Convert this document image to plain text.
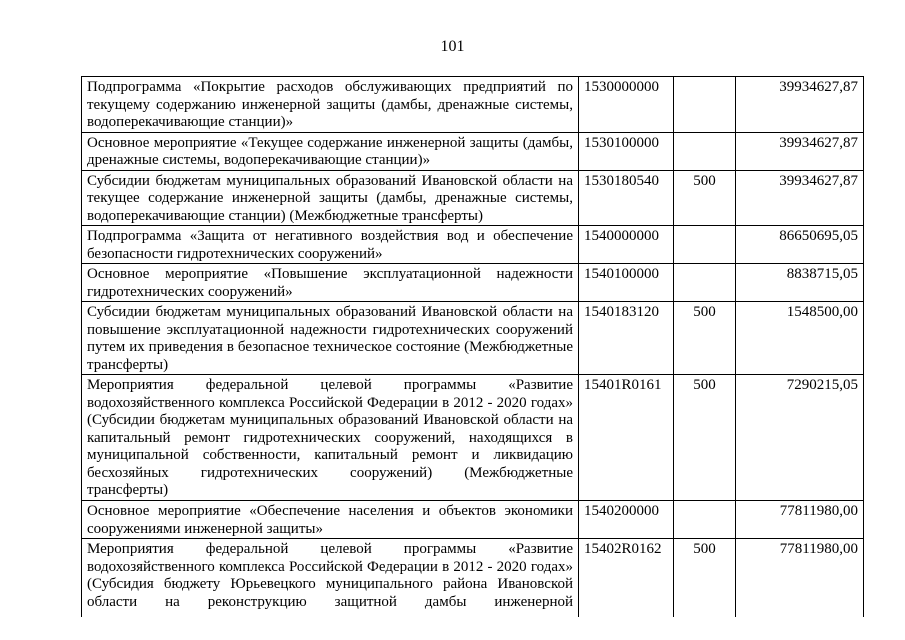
101
Подпрограмма «Покрытие расходов обслуживающих предприятий по текущему содержанию инженерной защиты (дамбы, дренажные системы, водоперекачивающие станции)»	1530000000		39934627,87
Основное мероприятие «Текущее содержание инженерной защиты (дамбы, дренажные системы, водоперекачивающие станции)»	1530100000		39934627,87
Субсидии бюджетам муниципальных образований Ивановской области на текущее содержание инженерной защиты (дамбы, дренажные системы, водоперекачивающие станции) (Межбюджетные трансферты)	1530180540	500	39934627,87
Подпрограмма «Защита от негативного воздействия вод и обеспечение безопасности гидротехнических сооружений»	1540000000		86650695,05
Основное мероприятие «Повышение эксплуатационной надежности гидротехнических сооружений»	1540100000		8838715,05
Субсидии бюджетам муниципальных образований Ивановской области на повышение эксплуатационной надежности гидротехнических сооружений путем их приведения в безопасное техническое состояние (Межбюджетные трансферты)	1540183120	500	1548500,00
Мероприятия федеральной целевой программы «Развитие водохозяйственного комплекса Российской Федерации в 2012 - 2020 годах» (Субсидии бюджетам муниципальных образований Ивановской области на капитальный ремонт гидротехнических сооружений, находящихся в муниципальной собственности, капитальный ремонт и ликвидацию бесхозяйных гидротехнических сооружений) (Межбюджетные трансферты)	15401R0161	500	7290215,05
Основное мероприятие «Обеспечение населения и объектов экономики сооружениями инженерной защиты»	1540200000		77811980,00
Мероприятия федеральной целевой программы «Развитие водохозяйственного комплекса Российской Федерации в 2012 - 2020 годах» (Субсидия бюджету Юрьевецкого муниципального района Ивановской области на реконструкцию защитной дамбы инженерной	15402R0162	500	77811980,00
